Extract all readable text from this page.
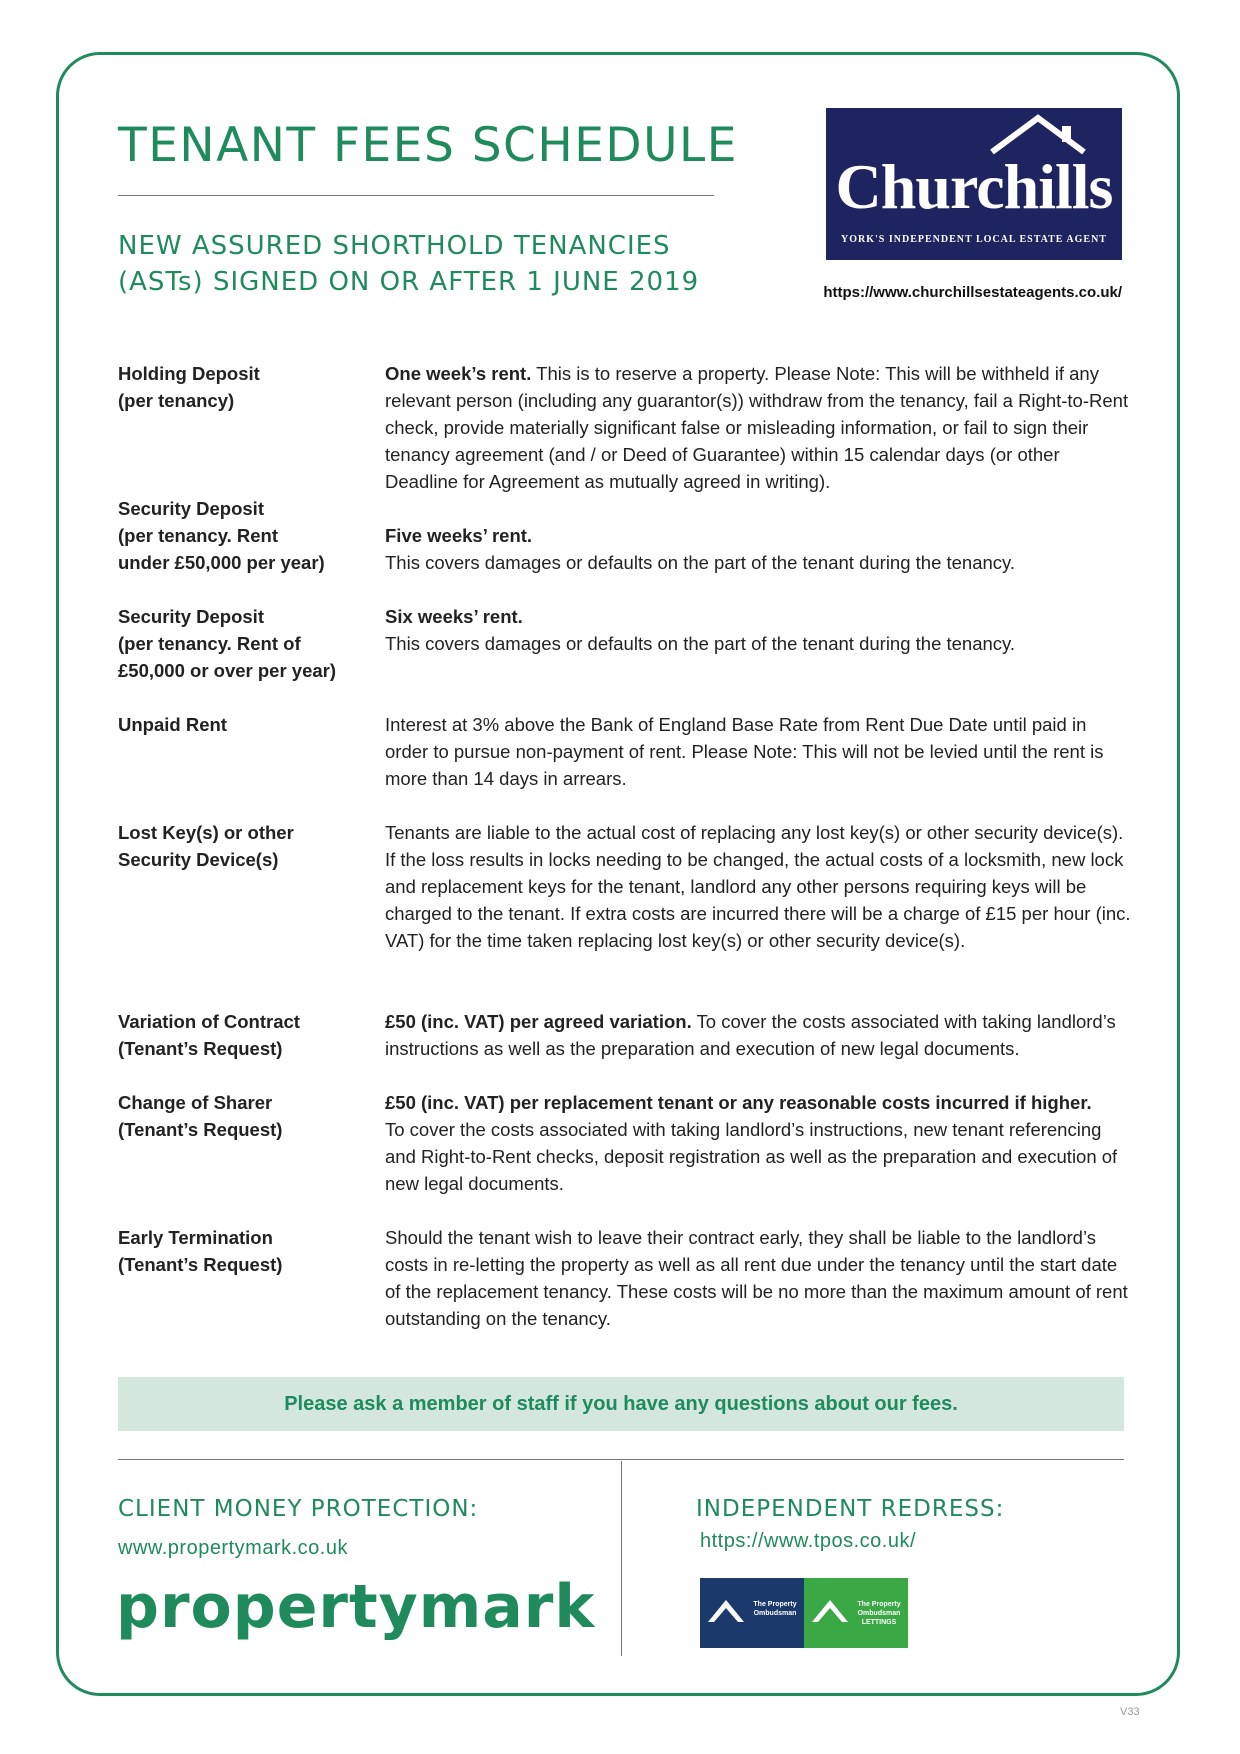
TENANT FEES SCHEDULE
NEW ASSURED SHORTHOLD TENANCIES
(ASTs) SIGNED ON OR AFTER 1 JUNE 2019
Churchills
YORK'S INDEPENDENT LOCAL ESTATE AGENT
https://www.churchillsestateagents.co.uk/
Holding Deposit
(per tenancy)
One week’s rent. This is to reserve a property. Please Note: This will be withheld if any relevant person (including any guarantor(s)) withdraw from the tenancy, fail a Right-to-Rent check, provide materially significant false or misleading information, or fail to sign their tenancy agreement (and / or Deed of Guarantee) within 15 calendar days (or other Deadline for Agreement as mutually agreed in writing).
Security Deposit
(per tenancy. Rent
under £50,000 per year)
Five weeks’ rent.
This covers damages or defaults on the part of the tenant during the tenancy.
Security Deposit
(per tenancy. Rent of
£50,000 or over per year)
Six weeks’ rent.
This covers damages or defaults on the part of the tenant during the tenancy.
Unpaid Rent	Interest at 3% above the Bank of England Base Rate from Rent Due Date until paid in order to pursue non-payment of rent. Please Note: This will not be levied until the rent is more than 14 days in arrears.
Lost Key(s) or other
Security Device(s)
Tenants are liable to the actual cost of replacing any lost key(s) or other security device(s). If the loss results in locks needing to be changed, the actual costs of a locksmith, new lock and replacement keys for the tenant, landlord any other persons requiring keys will be charged to the tenant. If extra costs are incurred there will be a charge of £15 per hour (inc. VAT) for the time taken replacing lost key(s) or other security device(s).
Variation of Contract
(Tenant’s Request)
£50 (inc. VAT) per agreed variation. To cover the costs associated with taking landlord’s instructions as well as the preparation and execution of new legal documents.
Change of Sharer
(Tenant’s Request)
£50 (inc. VAT) per replacement tenant or any reasonable costs incurred if higher.
To cover the costs associated with taking landlord’s instructions, new tenant referencing and Right-to-Rent checks, deposit registration as well as the preparation and execution of new legal documents.
Early Termination
(Tenant’s Request)
Should the tenant wish to leave their contract early, they shall be liable to the landlord’s costs in re-letting the property as well as all rent due under the tenancy until the start date of the replacement tenancy. These costs will be no more than the maximum amount of rent outstanding on the tenancy.
Please ask a member of staff if you have any questions about our fees.
CLIENT MONEY PROTECTION:
www.propertymark.co.uk
propertymark
INDEPENDENT REDRESS:
https://www.tpos.co.uk/
The Property Ombudsman
The Property Ombudsman LETTINGS
V33
